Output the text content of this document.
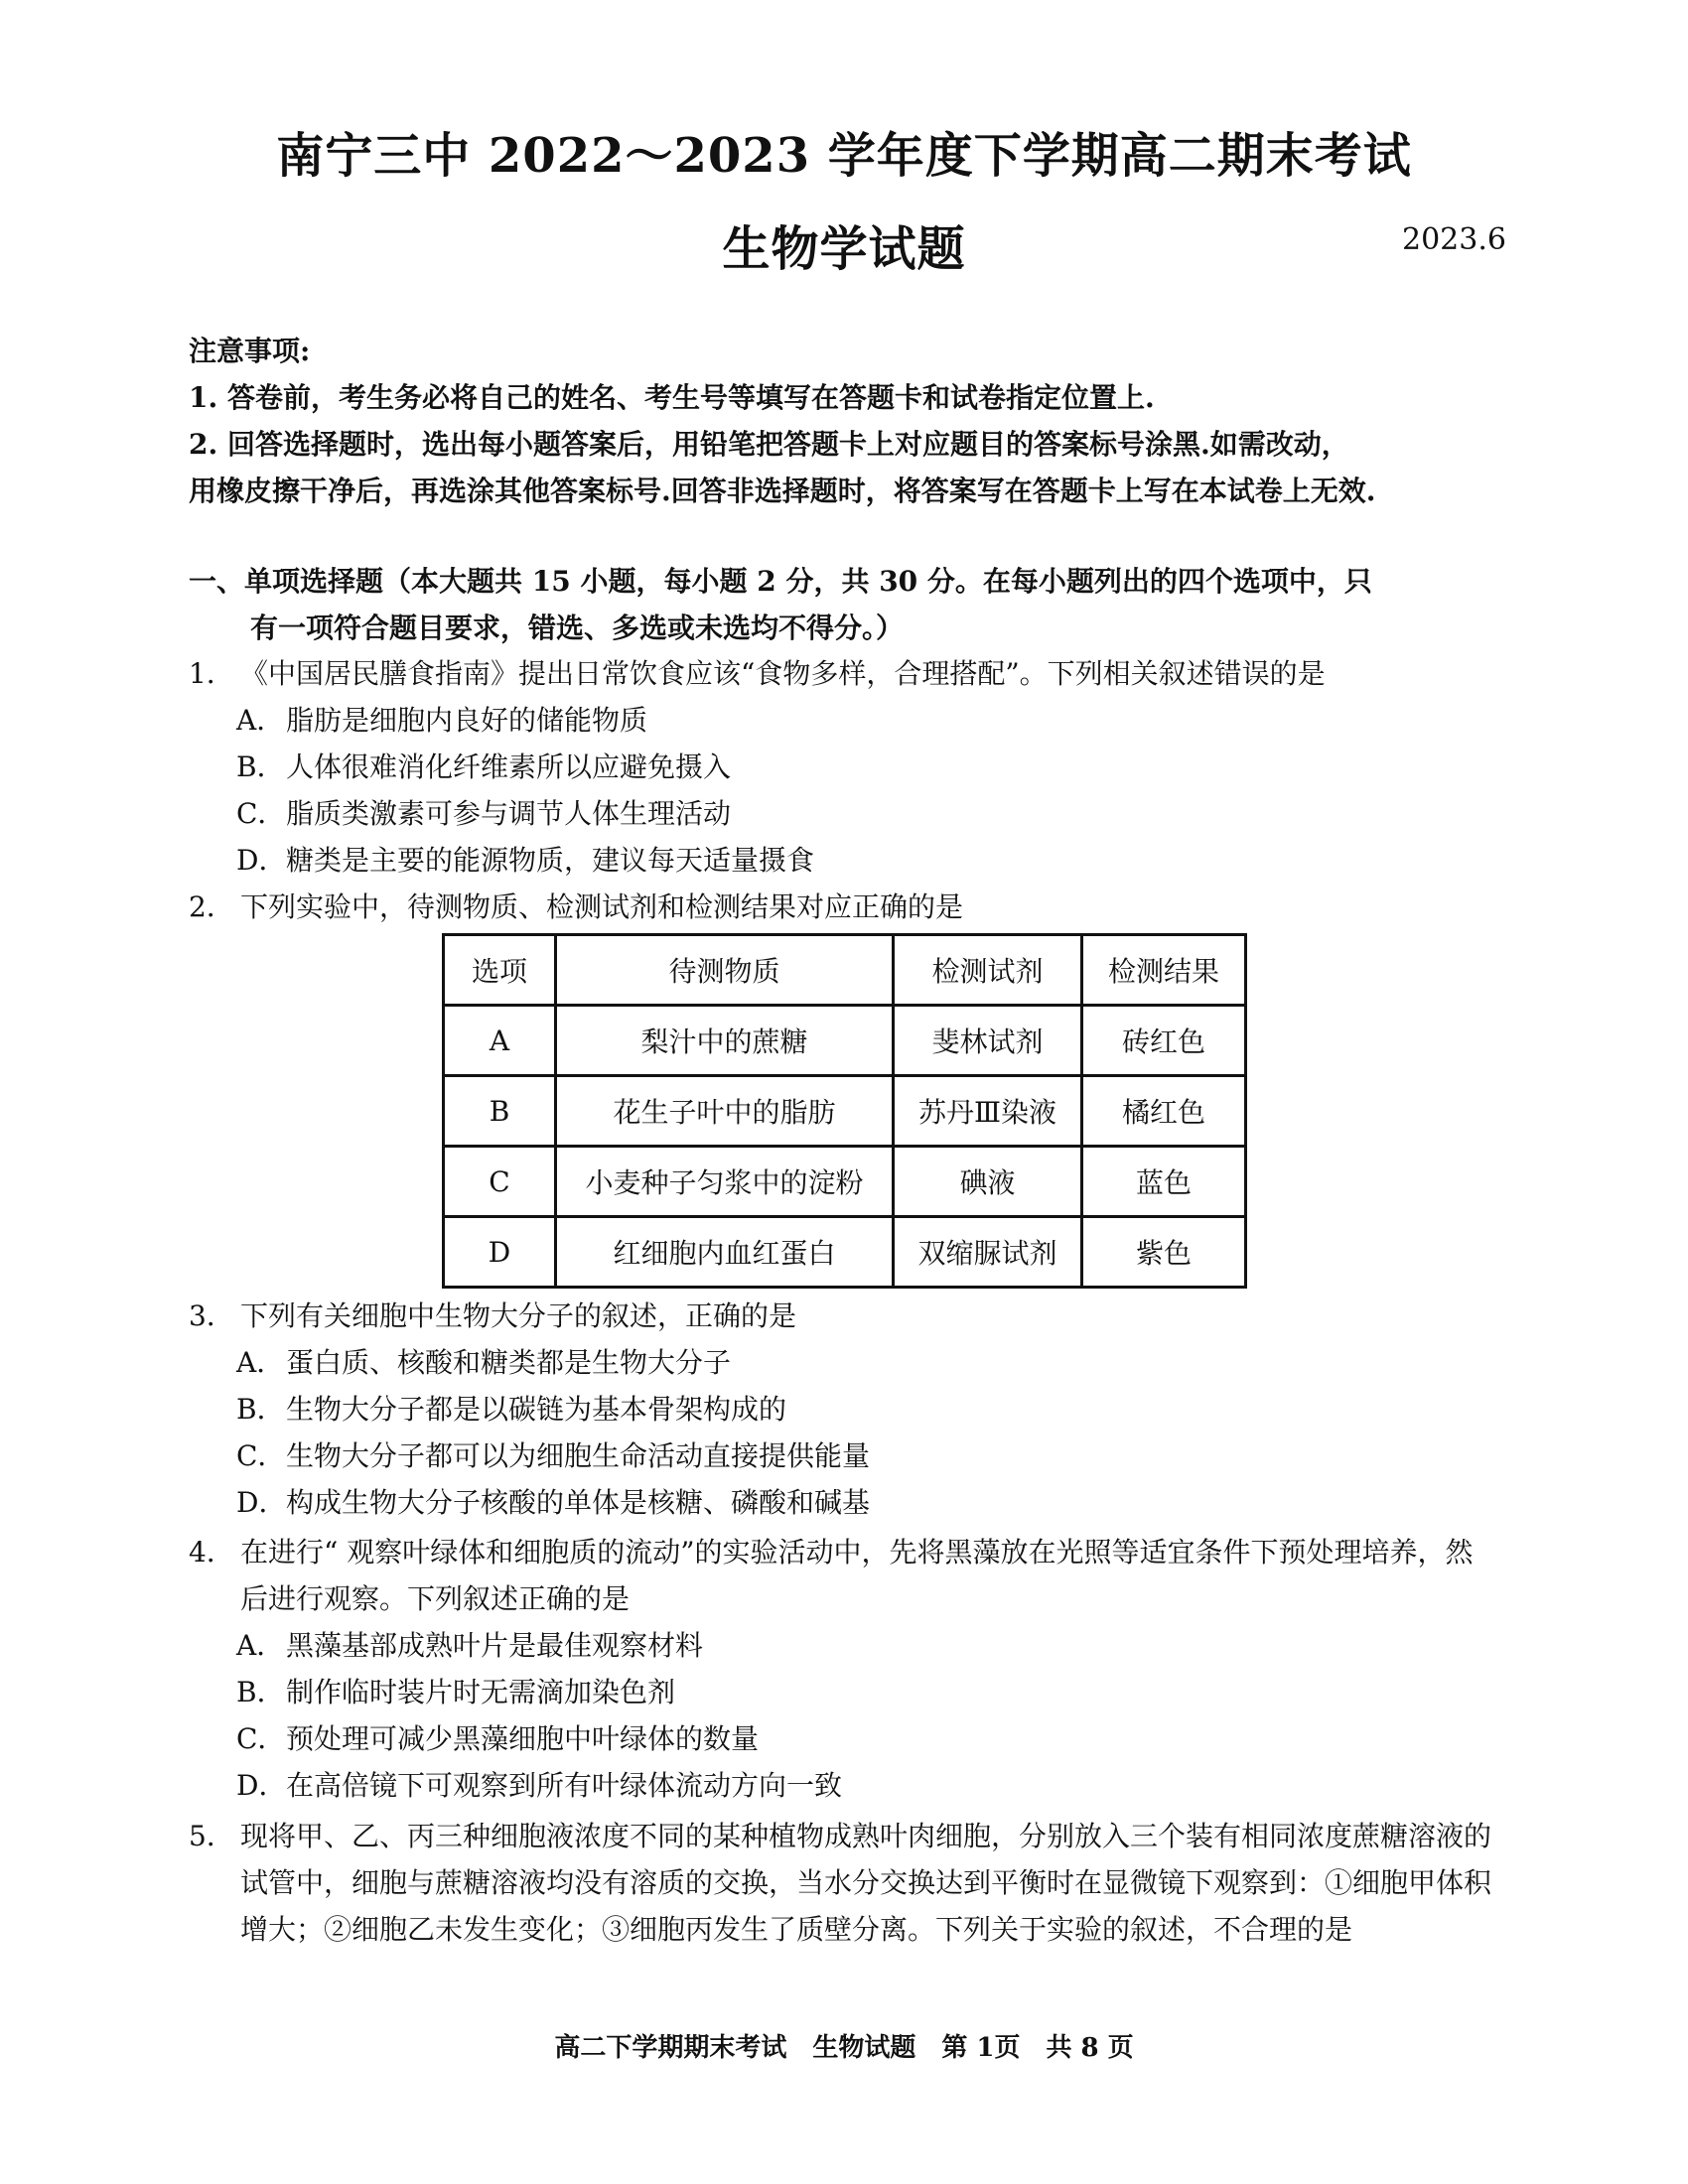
南宁三中 2022～2023 学年度下学期高二期末考试
生物学试题	2023.6

注意事项:

1. 答卷前，考生务必将自己的姓名、考生号等填写在答题卡和试卷指定位置上.

2. 回答选择题时，选出每小题答案后，用铅笔把答题卡上对应题目的答案标号涂黑.如需改动，

用橡皮擦干净后，再选涂其他答案标号.回答非选择题时，将答案写在答题卡上写在本试卷上无效.

一、单项选择题（本大题共 15 小题，每小题 2 分，共 30 分。在每小题列出的四个选项中，只
有一项符合题目要求，错选、多选或未选均不得分。）

1． 《中国居民膳食指南》提出日常饮食应该“食物多样，合理搭配”。下列相关叙述错误的是

A．脂肪是细胞内良好的储能物质

B．人体很难消化纤维素所以应避免摄入

C．脂质类激素可参与调节人体生理活动

D．糖类是主要的能源物质，建议每天适量摄食

2． 下列实验中，待测物质、检测试剂和检测结果对应正确的是

选项	待测物质	检测试剂	检测结果
A	梨汁中的蔗糖	斐林试剂	砖红色
B	花生子叶中的脂肪	苏丹Ⅲ染液	橘红色
C	小麦种子匀浆中的淀粉	碘液	蓝色
D	红细胞内血红蛋白	双缩脲试剂	紫色

3． 下列有关细胞中生物大分子的叙述，正确的是

A．蛋白质、核酸和糖类都是生物大分子

B．生物大分子都是以碳链为基本骨架构成的

C．生物大分子都可以为细胞生命活动直接提供能量

D．构成生物大分子核酸的单体是核糖、磷酸和碱基

4． 在进行“ 观察叶绿体和细胞质的流动”的实验活动中，先将黑藻放在光照等适宜条件下预处理培养，然后进行观察。下列叙述正确的是

A．黑藻基部成熟叶片是最佳观察材料

B．制作临时装片时无需滴加染色剂

C．预处理可减少黑藻细胞中叶绿体的数量

D．在高倍镜下可观察到所有叶绿体流动方向一致

5． 现将甲、乙、丙三种细胞液浓度不同的某种植物成熟叶肉细胞，分别放入三个装有相同浓度蔗糖溶液的试管中，细胞与蔗糖溶液均没有溶质的交换，当水分交换达到平衡时在显微镜下观察到：①细胞甲体积增大；②细胞乙未发生变化；③细胞丙发生了质壁分离。下列关于实验的叙述，不合理的是

高二下学期期末考试　生物试题　第 1页　共 8 页
